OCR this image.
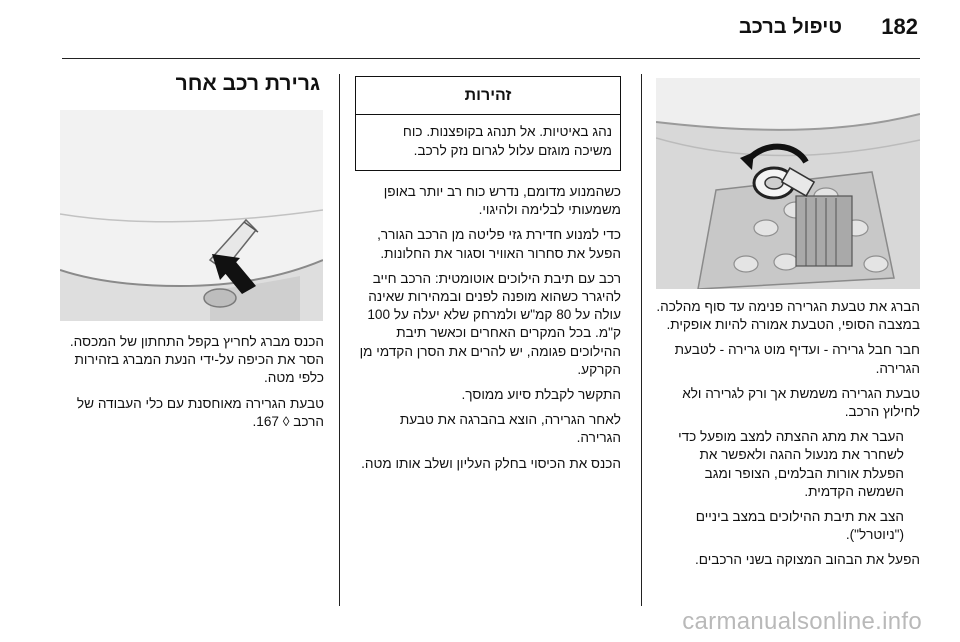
182
טיפול ברכב

הברג את טבעת הגרירה פנימה עד סוף מהלכה. במצבה הסופי, הטבעת אמורה להיות אופקית.

חבר חבל גרירה - ועדיף מוט גרירה - לטבעת הגרירה.

טבעת הגרירה משמשת אך ורק לגרירה ולא לחילוץ הרכב.

העבר את מתג ההצתה למצב מופעל כדי לשחרר את מנעול ההגה ולאפשר את הפעלת אורות הבלמים, הצופר ומגב השמשה הקדמית.

הצב את תיבת ההילוכים במצב ביניים ("ניוטרל").

הפעל את הבהוב המצוקה בשני הרכבים.

זהירות
נהג באיטיות. אל תנהג בקופצנות. כוח משיכה מוגזם עלול לגרום נזק לרכב.

כשהמנוע מדומם, נדרש כוח רב יותר באופן משמעותי לבלימה ולהיגוי.

כדי למנוע חדירת גזי פליטה מן הרכב הגורר, הפעל את סחרור האוויר וסגור את החלונות.

רכב עם תיבת הילוכים אוטומטית: הרכב חייב להיגרר כשהוא מופנה לפנים ובמהירות שאינה עולה על 80 קמ"ש ולמרחק שלא יעלה על 100 ק"מ. בכל המקרים האחרים וכאשר תיבת ההילוכים פגומה, יש להרים את הסרן הקדמי מן הקרקע.

התקשר לקבלת סיוע ממוסך.

לאחר הגרירה, הוצא בהברגה את טבעת הגרירה.

הכנס את הכיסוי בחלק העליון ושלב אותו מטה.

גרירת רכב אחר

הכנס מברג לחריץ בקפל התחתון של המכסה. הסר את הכיפה על-ידי הנעת המברג בזהירות כלפי מטה.

טבעת הגרירה מאוחסנת עם כלי העבודה של הרכב ◊ 167.

carmanualsonline.info
